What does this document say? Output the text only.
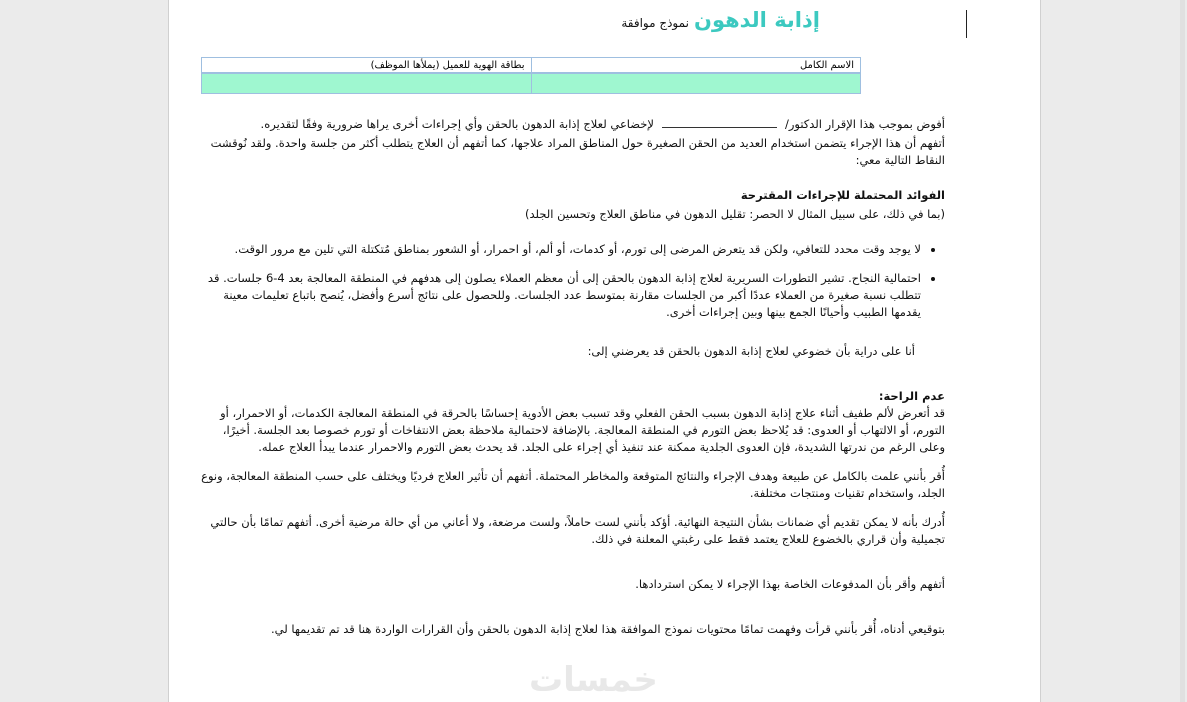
إذابة الدهون نموذج موافقة
الاسم الكامل	بطاقة الهوية للعميل (يملأها الموظف)

أفوض بموجب هذا الإقرار الدكتور/لإخضاعي لعلاج إذابة الدهون بالحقن وأي إجراءات أخرى يراها ضرورية وفقًا لتقديره.
أتفهم أن هذا الإجراء يتضمن استخدام العديد من الحقن الصغيرة حول المناطق المراد علاجها، كما أتفهم أن العلاج يتطلب أكثر من جلسة واحدة. ولقد نُوقشت النقاط التالية معي:
الفوائد المحتملة للإجراءات المقترحة
(بما في ذلك، على سبيل المثال لا الحصر: تقليل الدهون في مناطق العلاج وتحسين الجلد)
• لا يوجد وقت محدد للتعافي، ولكن قد يتعرض المرضى إلى تورم، أو كدمات، أو ألم، أو احمرار، أو الشعور بمناطق مُتكتلة التي تلين مع مرور الوقت.
• احتمالية النجاح. تشير التطورات السريرية لعلاج إذابة الدهون بالحقن إلى أن معظم العملاء يصلون إلى هدفهم في المنطقة المعالجة بعد 4-6 جلسات. قد تتطلب نسبة صغيرة من العملاء عددًا أكبر من الجلسات مقارنة بمتوسط عدد الجلسات. وللحصول على نتائج أسرع وأفضل، يُنصح باتباع تعليمات معينة يقدمها الطبيب وأحيانًا الجمع بينها وبين إجراءات أخرى.
أنا على دراية بأن خضوعي لعلاج إذابة الدهون بالحقن قد يعرضني إلى:
عدم الراحة:
قد أتعرض لألم طفيف أثناء علاج إذابة الدهون بسبب الحقن الفعلي وقد تسبب بعض الأدوية إحساسًا بالحرقة في المنطقة المعالجة الكدمات، أو الاحمرار، أو التورم، أو الالتهاب أو العدوى: قد يُلاحظ بعض التورم في المنطقة المعالجة. بالإضافة لاحتمالية ملاحظة بعض الانتفاخات أو تورم خصوصا بعد الجلسة. أخيرًا، وعلى الرغم من ندرتها الشديدة، فإن العدوى الجلدية ممكنة عند تنفيذ أي إجراء على الجلد. قد يحدث بعض التورم والاحمرار عندما يبدأ العلاج عمله.
أُقر بأنني علمت بالكامل عن طبيعة وهدف الإجراء والنتائج المتوقعة والمخاطر المحتملة. أتفهم أن تأثير العلاج فرديًا ويختلف على حسب المنطقة المعالجة، ونوع الجلد، واستخدام تقنيات ومنتجات مختلفة.
أُدرك بأنه لا يمكن تقديم أي ضمانات بشأن النتيجة النهائية. أؤكد بأنني لست حاملاً، ولست مرضعة، ولا أعاني من أي حالة مرضية أخرى. أتفهم تمامًا بأن حالتي تجميلية وأن قراري بالخضوع للعلاج يعتمد فقط على رغبتي المعلنة في ذلك.
أتفهم وأقر بأن المدفوعات الخاصة بهذا الإجراء لا يمكن استردادها.
بتوقيعي أدناه، أُقر بأنني قرأت وفهمت تمامًا محتويات نموذج الموافقة هذا لعلاج إذابة الدهون بالحقن وأن القرارات الواردة هنا قد تم تقديمها لي.
خمسات
